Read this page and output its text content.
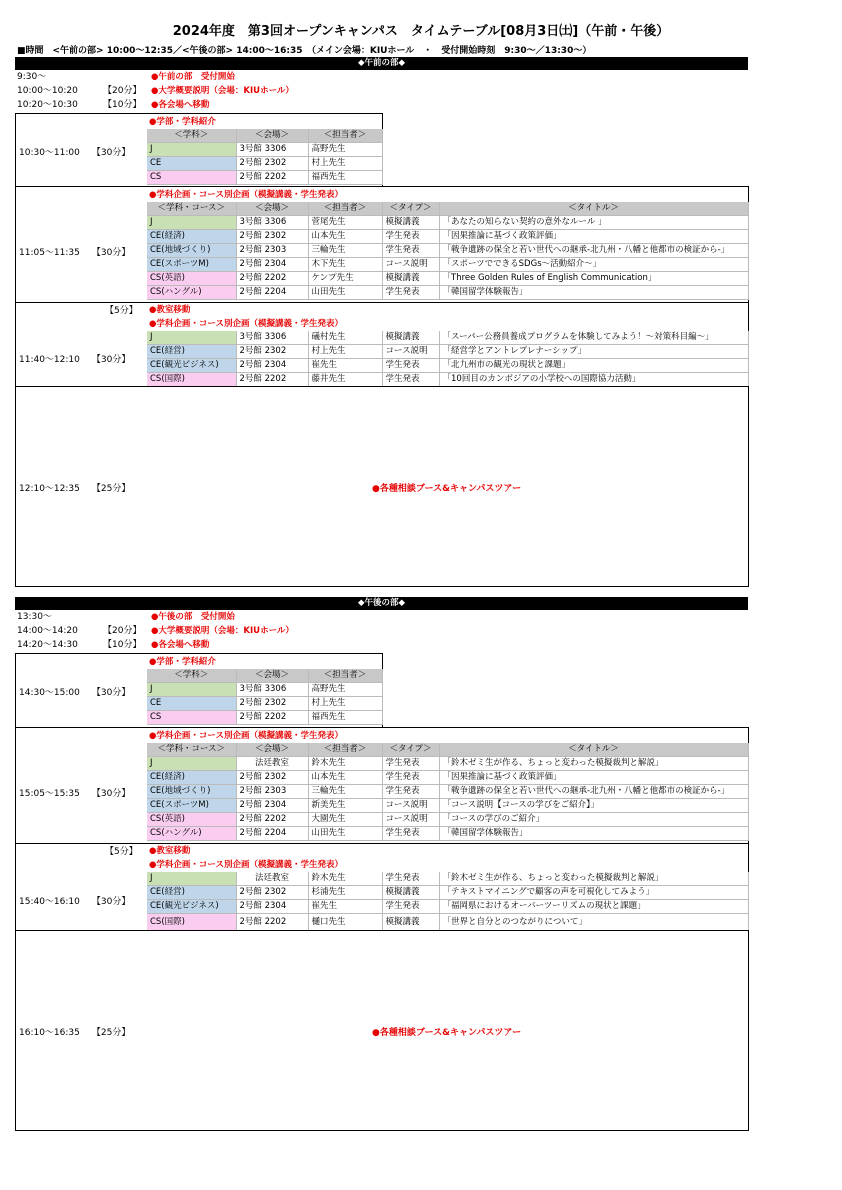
2024年度　第3回オープンキャンパス　タイムテーブル[08月3日㈯]（午前・午後）
■時間　<午前の部> 10:00～12:35／<午後の部> 14:00～16:35　（メイン会場：KIUホール　・　受付開始時刻　9:30～／13:30～）
◆午前の部◆
9:30～	●午前の部　受付開始
10:00～10:20	【20分】 ●大学概要説明（会場：KIUホール）
10:20～10:30	【10分】 ●各会場へ移動
10:30～11:00 【30分】
●学部・学科紹介
＜学科＞	＜会場＞	＜担当者＞
J	3号館 3306	高野先生
CE	2号館 2302	村上先生
CS	2号館 2202	福西先生
11:05～11:35 【30分】
●学科企画・コース別企画（模擬講義・学生発表）
＜学科・コース＞	＜会場＞	＜担当者＞	＜タイプ＞	＜タイトル＞
J	3号館 3306	菅尾先生	模擬講義	「あなたの知らない契約の意外なルール 」
CE(経済)	2号館 2302	山本先生	学生発表	「因果推論に基づく政策評価」
CE(地域づくり)	2号館 2303	三輪先生	学生発表	「戦争遺跡の保全と若い世代への継承-北九州・八幡と他都市の検証から-」
CE(スポーツM)	2号館 2304	木下先生	コース説明	「スポーツでできるSDGs～活動紹介～」
CS(英語)	2号館 2202	ケンプ先生	模擬講義	「Three Golden Rules of English Communication」
CS(ハングル)	2号館 2204	山田先生	学生発表	「韓国留学体験報告」
【5分】 ●教室移動
11:40～12:10 【30分】
●学科企画・コース別企画（模擬講義・学生発表）
J	3号館 3306	礒村先生	模擬講義	「スーパー公務員養成プログラムを体験してみよう！～対策科目編～」
CE(経営)	2号館 2302	村上先生	コース説明	「経営学とアントレプレナーシップ」
CE(観光ビジネス)	2号館 2304	崔先生	学生発表	「北九州市の観光の現状と課題」
CS(国際)	2号館 2202	藤井先生	学生発表	「10回目のカンボジアの小学校への国際協力活動」
12:10～12:35 【25分】	●各種相談ブース&キャンパスツアー
◆午後の部◆
13:30～	●午後の部　受付開始
14:00～14:20	【20分】 ●大学概要説明（会場：KIUホール）
14:20～14:30	【10分】 ●各会場へ移動
14:30～15:00 【30分】
●学部・学科紹介
＜学科＞	＜会場＞	＜担当者＞
J	3号館 3306	高野先生
CE	2号館 2302	村上先生
CS	2号館 2202	福西先生
15:05～15:35 【30分】
●学科企画・コース別企画（模擬講義・学生発表）
＜学科・コース＞	＜会場＞	＜担当者＞	＜タイプ＞	＜タイトル＞
J	法廷教室	鈴木先生	学生発表	「鈴木ゼミ生が作る、ちょっと変わった模擬裁判と解説」
CE(経済)	2号館 2302	山本先生	学生発表	「因果推論に基づく政策評価」
CE(地域づくり)	2号館 2303	三輪先生	学生発表	「戦争遺跡の保全と若い世代への継承-北九州・八幡と他都市の検証から-」
CE(スポーツM)	2号館 2304	新美先生	コース説明	「コース説明【コースの学びをご紹介】」
CS(英語)	2号館 2202	大園先生	コース説明	「コースの学びのご紹介」
CS(ハングル)	2号館 2204	山田先生	学生発表	「韓国留学体験報告」
【5分】 ●教室移動
15:40～16:10 【30分】
●学科企画・コース別企画（模擬講義・学生発表）
J	法廷教室	鈴木先生	学生発表	「鈴木ゼミ生が作る、ちょっと変わった模擬裁判と解説」
CE(経営)	2号館 2302	杉浦先生	模擬講義	「テキストマイニングで顧客の声を可視化してみよう」
CE(観光ビジネス)	2号館 2304	崔先生	学生発表	「福岡県におけるオーバーツーリズムの現状と課題」
CS(国際)	2号館 2202	樋口先生	模擬講義	「世界と自分とのつながりについて」
16:10～16:35 【25分】	●各種相談ブース&キャンパスツアー
